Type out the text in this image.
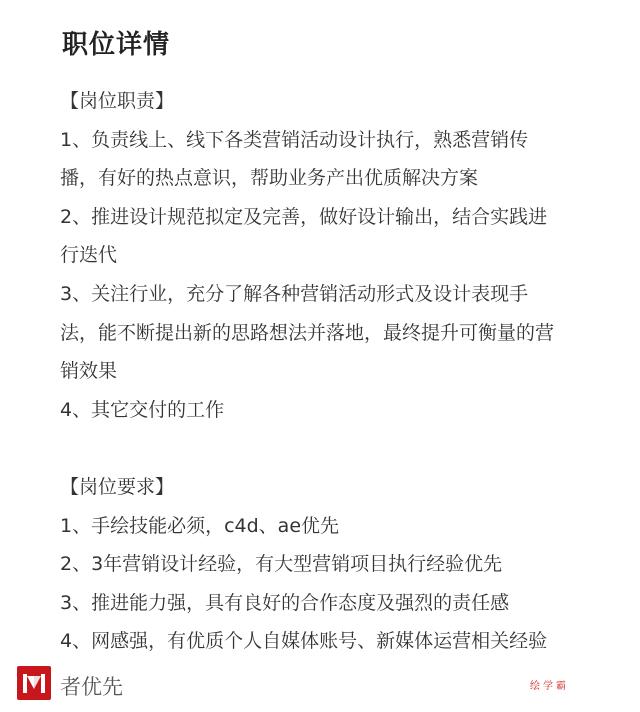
职位详情
【岗位职责】
1、负责线上、线下各类营销活动设计执行，熟悉营销传
播，有好的热点意识，帮助业务产出优质解决方案
2、推进设计规范拟定及完善，做好设计输出，结合实践进
行迭代
3、关注行业，充分了解各种营销活动形式及设计表现手
法，能不断提出新的思路想法并落地，最终提升可衡量的营
销效果
4、其它交付的工作
【岗位要求】
1、手绘技能必须，c4d、ae优先
2、3年营销设计经验，有大型营销项目执行经验优先
3、推进能力强，具有良好的合作态度及强烈的责任感
4、网感强，有优质个人自媒体账号、新媒体运营相关经验
者优先	绘学霸
